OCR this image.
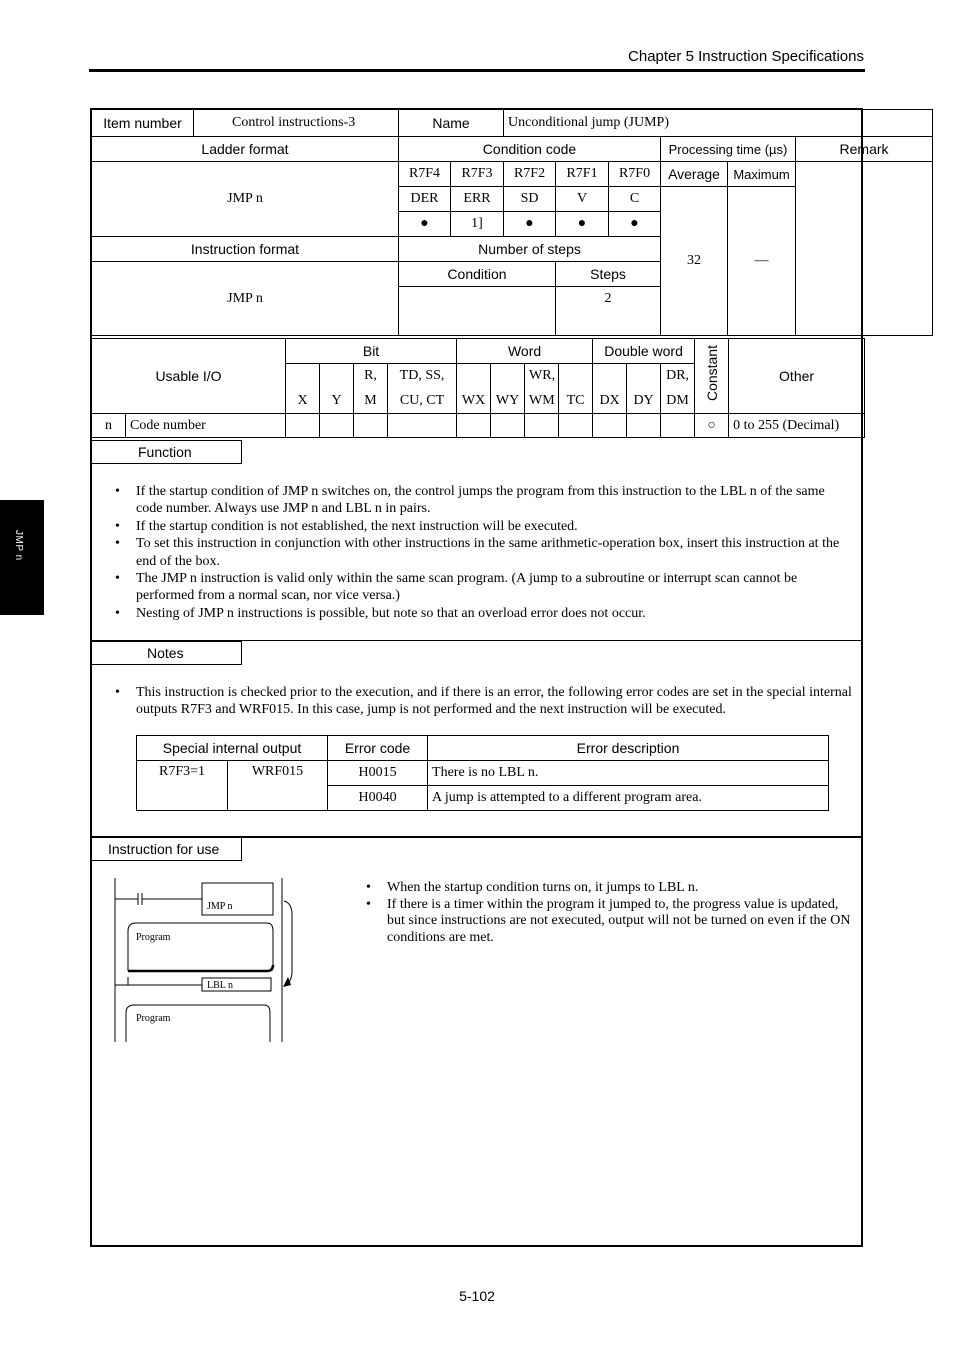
Chapter 5 Instruction Specifications
JMP n
Item number	Control instructions-3	Name		Unconditional jump (JUMP)					
Ladder format		Condition code					Processing time (µs)		Remark
JMP n		R7F4	R7F3	R7F2	R7F1	R7F0	Average	Maximum	
		DER	ERR	SD	V	C	32	—	
		●	1]	●	●	●			
Instruction format		Number of steps							
JMP n		Condition			Steps				
					2				
Usable I/O		Bit				Word				Double word			Constant	Other
				R,	TD, SS,			WR,				DR,		
		X	Y	M	CU, CT	WX	WY	WM	TC	DX	DY	DM		
n	Code number												○	0 to 255 (Decimal)
Function
• If the startup condition of JMP n switches on, the control jumps the program from this instruction to the LBL n of the same code number. Always use JMP n and LBL n in pairs.
• If the startup condition is not established, the next instruction will be executed.
• To set this instruction in conjunction with other instructions in the same arithmetic-operation box, insert this instruction at the end of the box.
• The JMP n instruction is valid only within the same scan program. (A jump to a subroutine or interrupt scan cannot be performed from a normal scan, nor vice versa.)
• Nesting of JMP n instructions is possible, but note so that an overload error does not occur.
Notes
• This instruction is checked prior to the execution, and if there is an error, the following error codes are set in the special internal outputs R7F3 and WRF015. In this case, jump is not performed and the next instruction will be executed.
Special internal output		Error code	Error description
R7F3=1	WRF015	H0015	There is no LBL n.
		H0040	A jump is attempted to a different program area.
Instruction for use
JMP n
Program
LBL n
Program
• When the startup condition turns on, it jumps to LBL n.
• If there is a timer within the program it jumped to, the progress value is updated, but since instructions are not executed, output will not be turned on even if the ON conditions are met.
5-102
